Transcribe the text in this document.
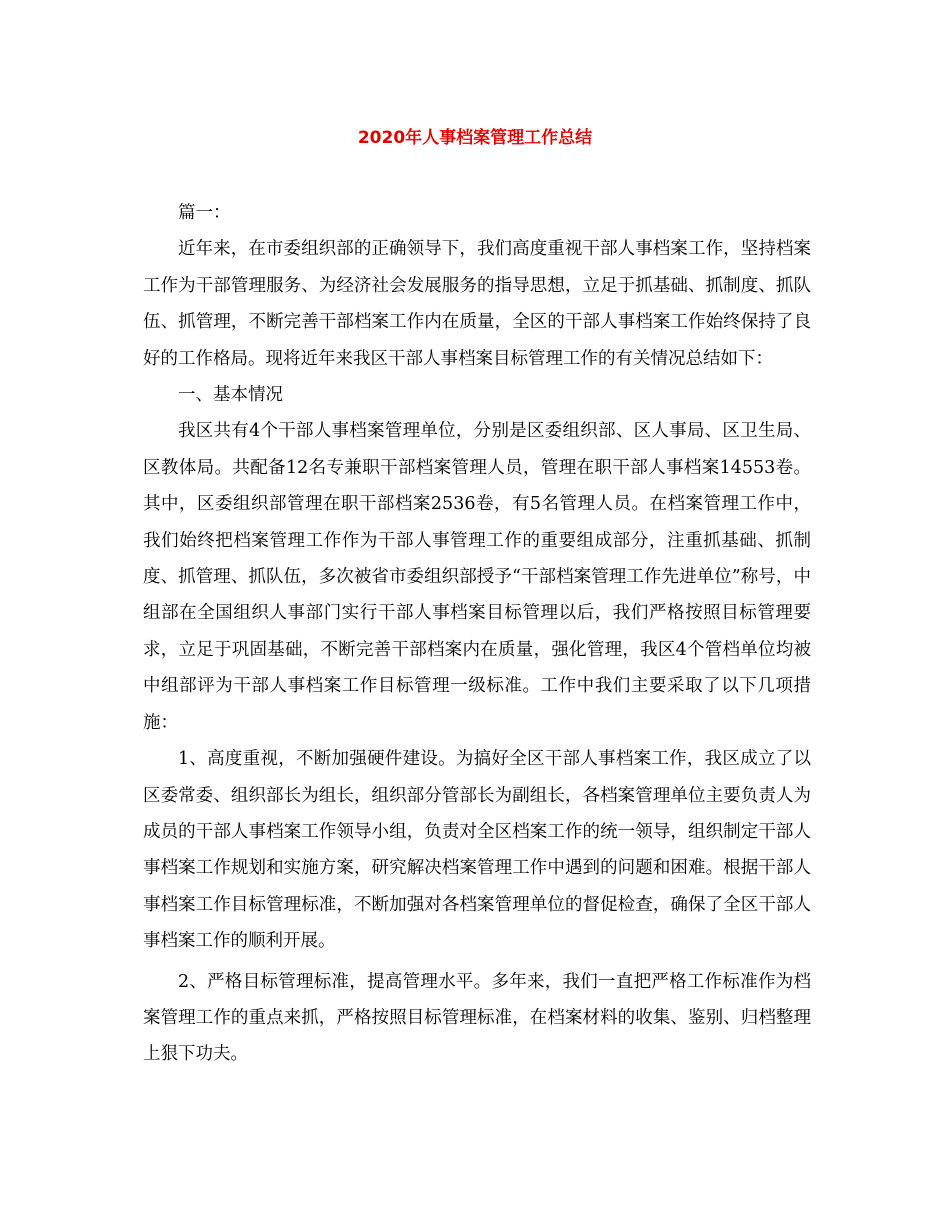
2020年人事档案管理工作总结

篇一：

近年来，在市委组织部的正确领导下，我们高度重视干部人事档案工作，坚持档案工作为干部管理服务、为经济社会发展服务的指导思想，立足于抓基础、抓制度、抓队伍、抓管理，不断完善干部档案工作内在质量，全区的干部人事档案工作始终保持了良好的工作格局。现将近年来我区干部人事档案目标管理工作的有关情况总结如下：

一、基本情况

我区共有4个干部人事档案管理单位，分别是区委组织部、区人事局、区卫生局、区教体局。共配备12名专兼职干部档案管理人员，管理在职干部人事档案14553卷。其中，区委组织部管理在职干部档案2536卷，有5名管理人员。在档案管理工作中，我们始终把档案管理工作作为干部人事管理工作的重要组成部分，注重抓基础、抓制度、抓管理、抓队伍，多次被省市委组织部授予“干部档案管理工作先进单位”称号，中组部在全国组织人事部门实行干部人事档案目标管理以后，我们严格按照目标管理要求，立足于巩固基础，不断完善干部档案内在质量，强化管理，我区4个管档单位均被中组部评为干部人事档案工作目标管理一级标准。工作中我们主要采取了以下几项措施：

1、高度重视，不断加强硬件建设。为搞好全区干部人事档案工作，我区成立了以区委常委、组织部长为组长，组织部分管部长为副组长，各档案管理单位主要负责人为成员的干部人事档案工作领导小组，负责对全区档案工作的统一领导，组织制定干部人事档案工作规划和实施方案，研究解决档案管理工作中遇到的问题和困难。根据干部人事档案工作目标管理标准，不断加强对各档案管理单位的督促检查，确保了全区干部人事档案工作的顺利开展。

2、严格目标管理标准，提高管理水平。多年来，我们一直把严格工作标准作为档案管理工作的重点来抓，严格按照目标管理标准，在档案材料的收集、鉴别、归档整理上狠下功夫。
